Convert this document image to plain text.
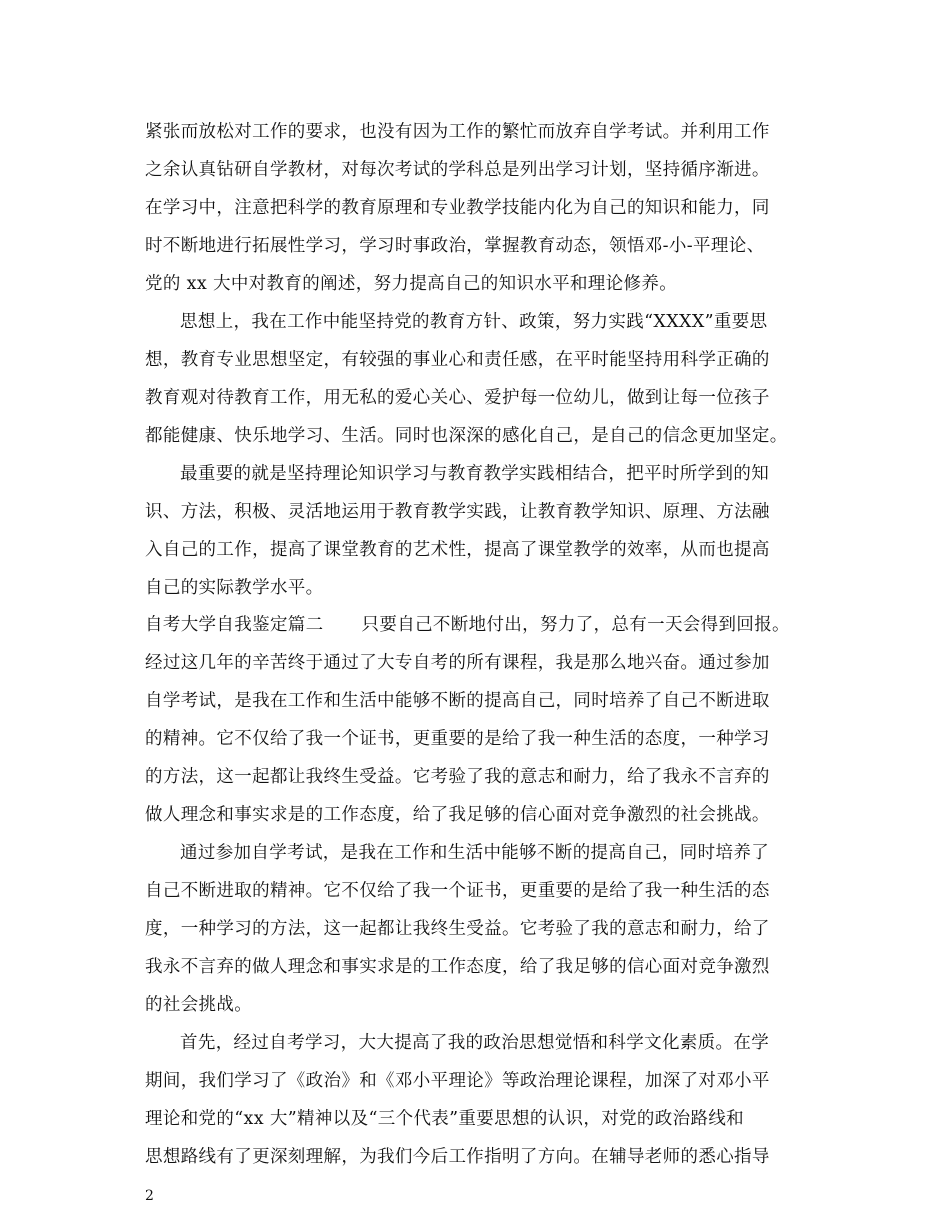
紧张而放松对工作的要求，也没有因为工作的繁忙而放弃自学考试。并利用工作
之余认真钻研自学教材，对每次考试的学科总是列出学习计划，坚持循序渐进。
在学习中，注意把科学的教育原理和专业教学技能内化为自己的知识和能力，同
时不断地进行拓展性学习，学习时事政治，掌握教育动态，领悟邓-小-平理论、
党的 xx 大中对教育的阐述，努力提高自己的知识水平和理论修养。
思想上，我在工作中能坚持党的教育方针、政策，努力实践“XXXX”重要思
想，教育专业思想坚定，有较强的事业心和责任感，在平时能坚持用科学正确的
教育观对待教育工作，用无私的爱心关心、爱护每一位幼儿，做到让每一位孩子
都能健康、快乐地学习、生活。同时也深深的感化自己，是自己的信念更加坚定。
最重要的就是坚持理论知识学习与教育教学实践相结合，把平时所学到的知
识、方法，积极、灵活地运用于教育教学实践，让教育教学知识、原理、方法融
入自己的工作，提高了课堂教育的艺术性，提高了课堂教学的效率，从而也提高
自己的实际教学水平。
自考大学自我鉴定篇二 只要自己不断地付出，努力了，总有一天会得到回报。
经过这几年的辛苦终于通过了大专自考的所有课程，我是那么地兴奋。通过参加
自学考试，是我在工作和生活中能够不断的提高自己，同时培养了自己不断进取
的精神。它不仅给了我一个证书，更重要的是给了我一种生活的态度，一种学习
的方法，这一起都让我终生受益。它考验了我的意志和耐力，给了我永不言弃的
做人理念和事实求是的工作态度，给了我足够的信心面对竞争激烈的社会挑战。
通过参加自学考试，是我在工作和生活中能够不断的提高自己，同时培养了
自己不断进取的精神。它不仅给了我一个证书，更重要的是给了我一种生活的态
度，一种学习的方法，这一起都让我终生受益。它考验了我的意志和耐力，给了
我永不言弃的做人理念和事实求是的工作态度，给了我足够的信心面对竞争激烈
的社会挑战。
首先，经过自考学习，大大提高了我的政治思想觉悟和科学文化素质。在学
期间，我们学习了《政治》和《邓小平理论》等政治理论课程，加深了对邓小平
理论和党的“xx 大”精神以及“三个代表”重要思想的认识，对党的政治路线和
思想路线有了更深刻理解，为我们今后工作指明了方向。在辅导老师的悉心指导
2
